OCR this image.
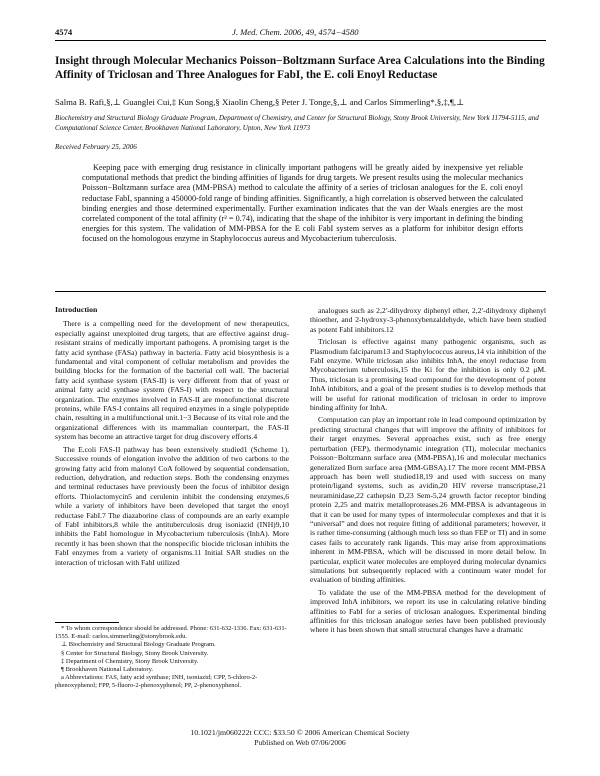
4574	J. Med. Chem. 2006, 49, 4574−4580
Insight through Molecular Mechanics Poisson−Boltzmann Surface Area Calculations into the Binding Affinity of Triclosan and Three Analogues for FabI, the E. coli Enoyl Reductase
Salma B. Rafi,§,⊥ Guanglei Cui,‡ Kun Song,§ Xiaolin Cheng,§ Peter J. Tonge,§,⊥ and Carlos Simmerling*,§,‡,¶,⊥
Biochemistry and Structural Biology Graduate Program, Department of Chemistry, and Center for Structural Biology, Stony Brook University, New York 11794-5115, and Computational Science Center, Brookhaven National Laboratory, Upton, New York 11973
Received February 25, 2006
Keeping pace with emerging drug resistance in clinically important pathogens will be greatly aided by inexpensive yet reliable computational methods that predict the binding affinities of ligands for drug targets. We present results using the molecular mechanics Poisson−Boltzmann surface area (MM-PBSA) method to calculate the affinity of a series of triclosan analogues for the E. coli enoyl reductase FabI, spanning a 450000-fold range of binding affinities. Significantly, a high correlation is observed between the calculated binding energies and those determined experimentally. Further examination indicates that the van der Waals energies are the most correlated component of the total affinity (r² = 0.74), indicating that the shape of the inhibitor is very important in defining the binding energies for this system. The validation of MM-PBSA for the E coli FabI system serves as a platform for inhibitor design efforts focused on the homologous enzyme in Staphylococcus aureus and Mycobacterium tuberculosis.
Introduction

There is a compelling need for the development of new therapeutics, especially against unexploited drug targets, that are effective against drug-resistant strains of medically important pathogens. A promising target is the fatty acid synthase (FASa) pathway in bacteria. Fatty acid biosynthesis is a fundamental and vital component of cellular metabolism and provides the building blocks for the formation of the bacterial cell wall. The bacterial fatty acid synthase system (FAS-II) is very different from that of yeast or animal fatty acid synthase system (FAS-I) with respect to the structural organization. The enzymes involved in FAS-II are monofunctional discrete proteins, while FAS-I contains all required enzymes in a single polypeptide chain, resulting in a multifunctional unit.1−3 Because of its vital role and the organizational differences with its mammalian counterpart, the FAS-II system has become an attractive target for drug discovery efforts.4

The E.coli FAS-II pathway has been extensively studied1 (Scheme 1). Successive rounds of elongation involve the addition of two carbons to the growing fatty acid from malonyl CoA followed by sequential condensation, reduction, dehydration, and reduction steps. Both the condensing enzymes and terminal reductases have previously been the focus of inhibitor design efforts. Thiolactomycin5 and cerulenin inhibit the condensing enzymes,6 while a variety of inhibitors have been developed that target the enoyl reductase FabI.7 The diazaborine class of compounds are an early example of FabI inhibitors,8 while the antituberculosis drug isoniazid (INH)9,10 inhibits the FabI homologue in Mycobacterium tuberculosis (InhA). More recently it has been shown that the nonspecific biocide triclosan inhibits the FabI enzymes from a variety of organisms.11 Initial SAR studies on the interaction of triclosan with FabI utilized

analogues such as 2,2′-dihydroxy diphenyl ether, 2,2′-dihydroxy diphenyl thioether, and 2-hydroxy-3-phenoxybenzaldehyde, which have been studied as potent FabI inhibitors.12

Triclosan is effective against many pathogenic organisms, such as Plasmodium falciparum13 and Staphylococcus aureus,14 via inhibition of the FabI enzyme. While triclosan also inhibits InhA, the enoyl reductase from Mycobacterium tuberculosis,15 the Ki for the inhibition is only 0.2 μM. Thus, triclosan is a promising lead compound for the development of potent InhA inhibitors, and a goal of the present studies is to develop methods that will be useful for rational modification of triclosan in order to improve binding affinity for InhA.

Computation can play an important role in lead compound optimization by predicting structural changes that will improve the affinity of inhibitors for their target enzymes. Several approaches exist, such as free energy perturbation (FEP), thermodynamic integration (TI), molecular mechanics Poisson−Boltzmann surface area (MM-PBSA),16 and molecular mechanics generalized Born surface area (MM-GBSA).17 The more recent MM-PBSA approach has been well studied18,19 and used with success on many protein/ligand systems, such as avidin,20 HIV reverse transcriptase,21 neuraminidase,22 cathepsin D,23 Sem-5,24 growth factor receptor binding protein 2,25 and matrix metalloproteases.26 MM-PBSA is advantageous in that it can be used for many types of intermolecular complexes and that it is “universal” and does not require fitting of additional parameters; however, it is rather time-consuming (although much less so than FEP or TI) and in some cases fails to accurately rank ligands. This may arise from approximations inherent in MM-PBSA, which will be discussed in more detail below. In particular, explicit water molecules are employed during molecular dynamics simulations but subsequently replaced with a continuum water model for evaluation of binding affinities.

To validate the use of the MM-PBSA method for the development of improved InhA inhibitors, we report its use in calculating relative binding affinities to FabI for a series of triclosan analogues. Experimental binding affinities for this triclosan analogue series have been published previously where it has been shown that small structural changes have a dramatic

* To whom correspondence should be addressed. Phone: 631-632-1336. Fax: 631-631-1555. E-mail: carlos.simmerling@stonybrook.edu.

⊥ Biochemistry and Structural Biology Graduate Program.

§ Center for Structural Biology, Stony Brook University.

‡ Department of Chemistry, Stony Brook University.

¶ Brookhaven National Laboratory.

a Abbreviations: FAS, fatty acid synthase; INH, isoniazid; CPP, 5-chloro-2-phenoxyphenol; FPP, 5-fluoro-2-phenoxyphenol; PP, 2-phenoxyphenol.

10.1021/jm060222t CCC: $33.50 © 2006 American Chemical Society
Published on Web 07/06/2006
